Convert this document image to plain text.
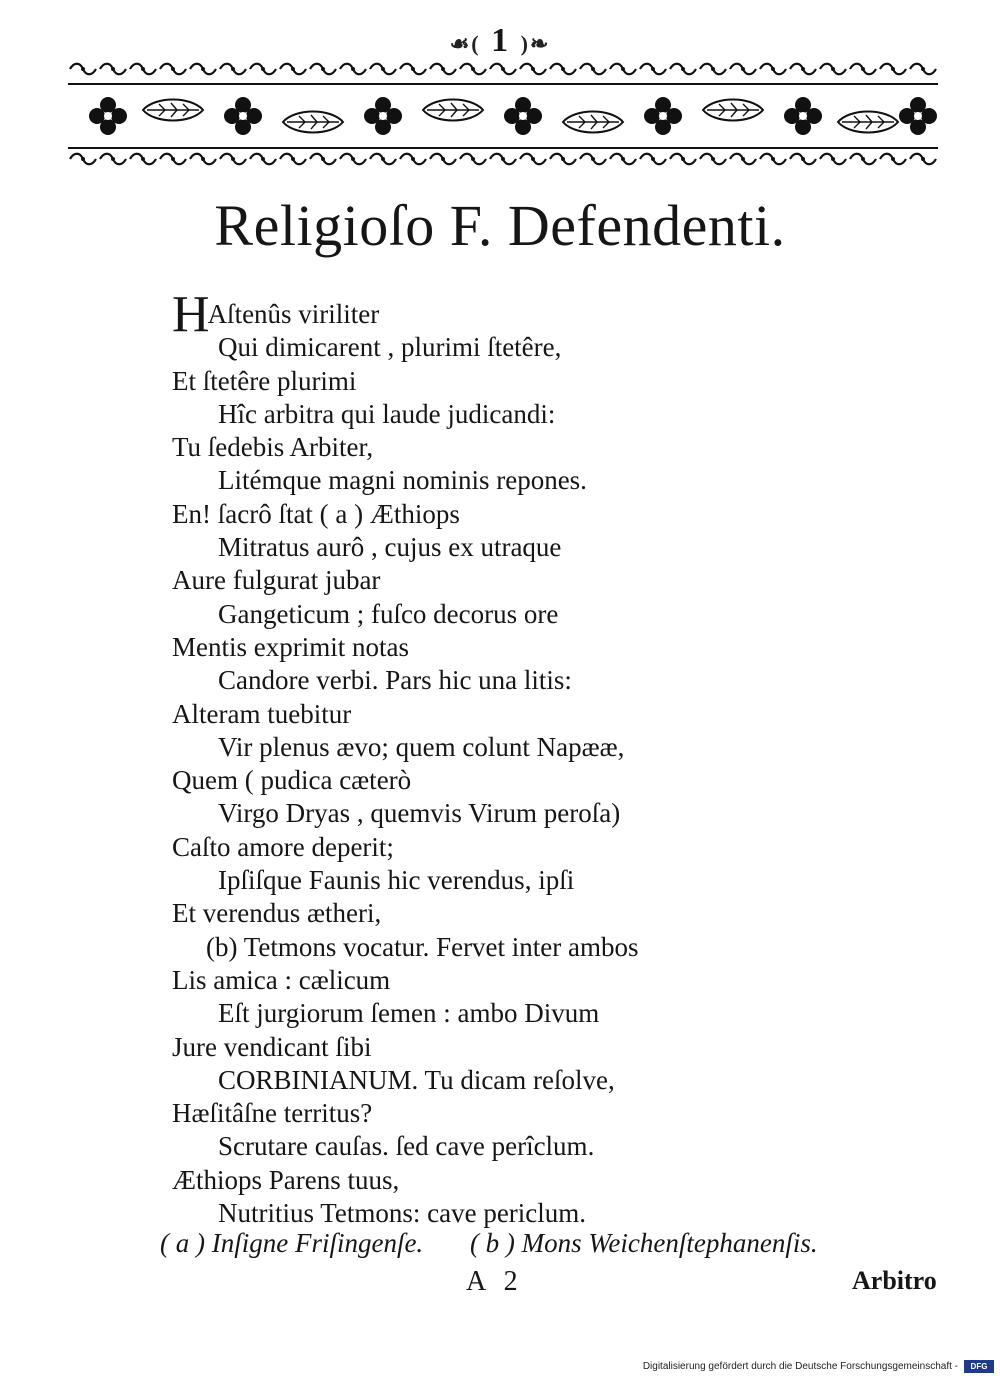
☙( 1 )❧
Religioſo F. Defendenti.
HAſtenûs viriliter
Qui dimicarent , plurimi ſtetêre,
Et ſtetêre plurimi
Hîc arbitra qui laude judicandi:
Tu ſedebis Arbiter,
Litémque magni nominis repones.
En! ſacrô ſtat ( a ) Æthiops
Mitratus aurô , cujus ex utraque
Aure fulgurat jubar
Gangeticum ; fuſco decorus ore
Mentis exprimit notas
Candore verbi. Pars hic una litis:
Alteram tuebitur
Vir plenus ævo; quem colunt Napææ,
Quem ( pudica cæterò
Virgo Dryas , quemvis Virum peroſa)
Caſto amore deperit;
Ipſiſque Faunis hic verendus, ipſi
Et verendus ætheri,
(b) Tetmons vocatur. Fervet inter ambos
Lis amica : cælicum
Eſt jurgiorum ſemen : ambo Divum
Jure vendicant ſibi
CORBINIANUM. Tu dicam reſolve,
Hæſitâſne territus?
Scrutare cauſas. ſed cave perîclum.
Æthiops Parens tuus,
Nutritius Tetmons: cave periclum.
( a ) Inſigne Friſingenſe. ( b ) Mons Weichenſtephanenſis.
A 2	Arbitro
Digitalisierung gefördert durch die Deutsche Forschungsgemeinschaft -	DFG
